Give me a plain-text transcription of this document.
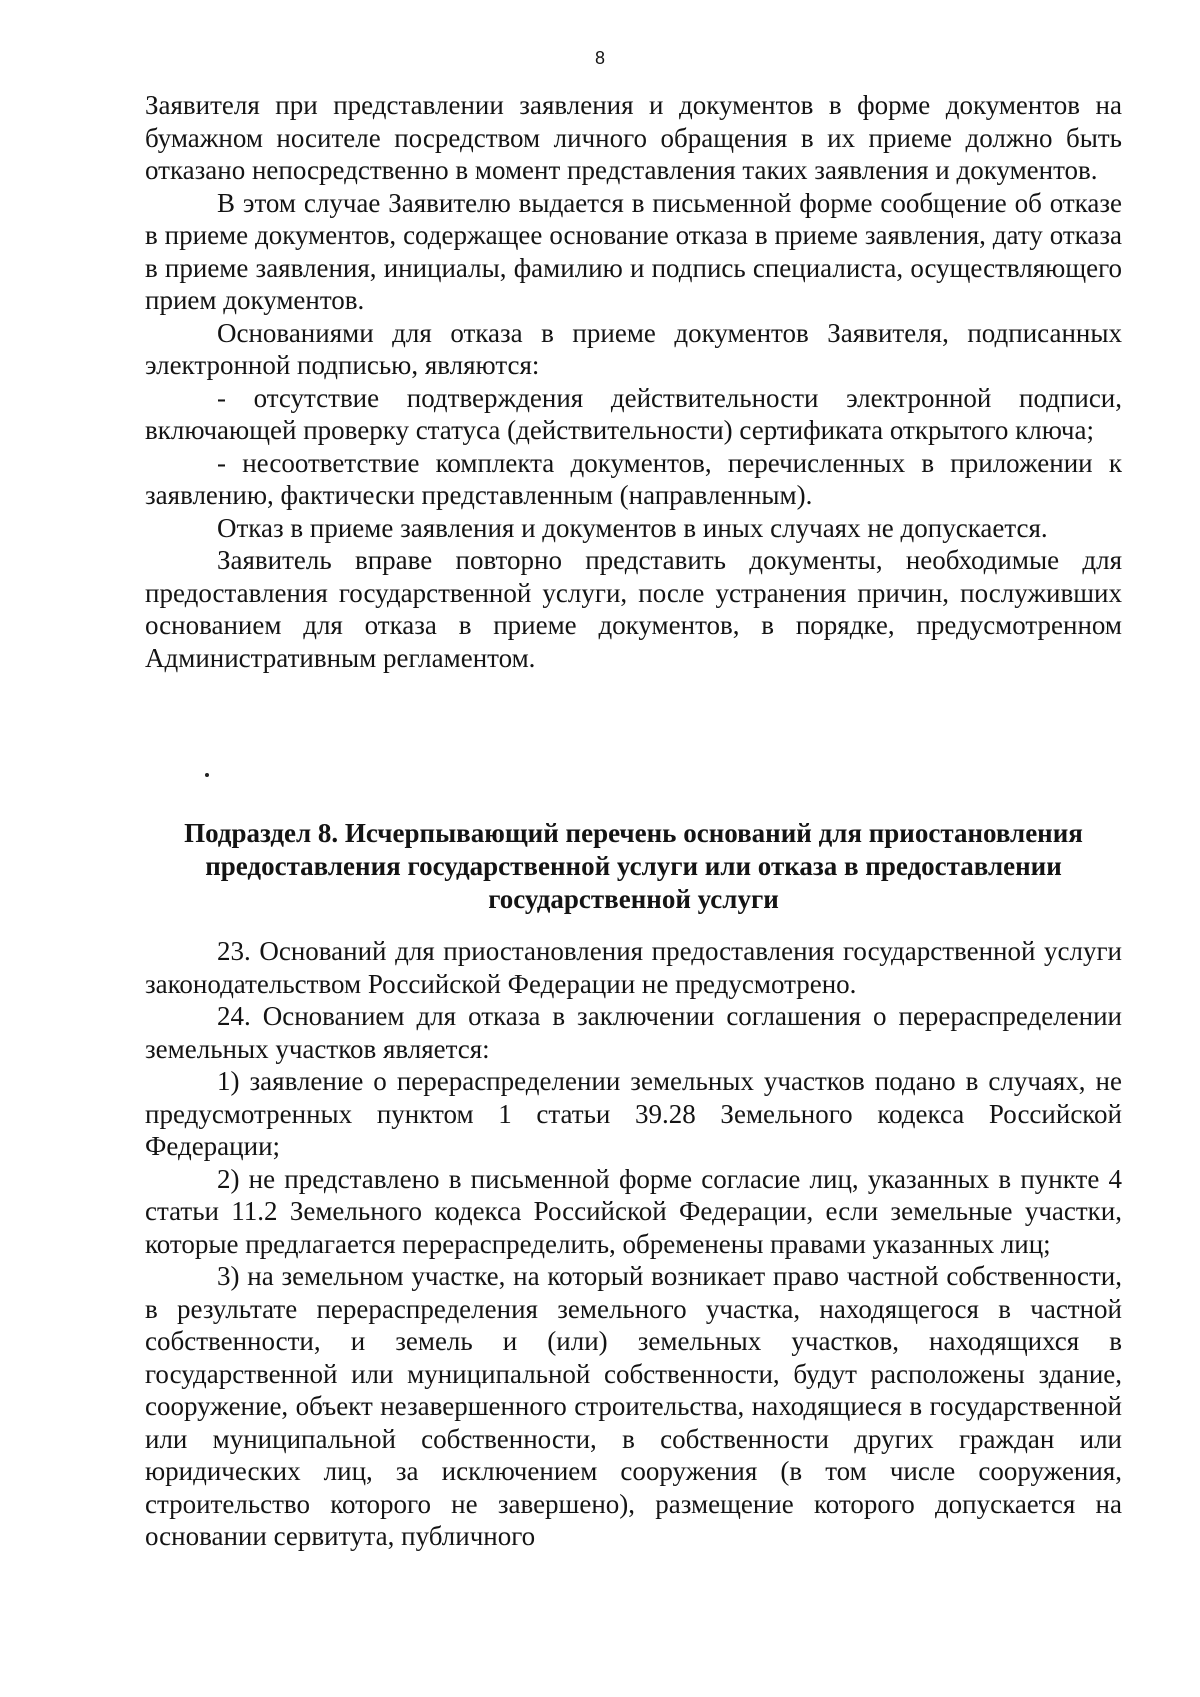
8

Заявителя при представлении заявления и документов в форме документов на бумажном носителе посредством личного обращения в их приеме должно быть отказано непосредственно в момент представления таких заявления и документов.

В этом случае Заявителю выдается в письменной форме сообщение об отказе в приеме документов, содержащее основание отказа в приеме заявления, дату отказа в приеме заявления, инициалы, фамилию и подпись специалиста, осуществляющего прием документов.

Основаниями для отказа в приеме документов Заявителя, подписанных электронной подписью, являются:

- отсутствие подтверждения действительности электронной подписи, включающей проверку статуса (действительности) сертификата открытого ключа;

- несоответствие комплекта документов, перечисленных в приложении к заявлению, фактически представленным (направленным).

Отказ в приеме заявления и документов в иных случаях не допускается.

Заявитель вправе повторно представить документы, необходимые для предоставления государственной услуги, после устранения причин, послуживших основанием для отказа в приеме документов, в порядке, предусмотренном Административным регламентом.

Подраздел 8. Исчерпывающий перечень оснований для приостановления предоставления государственной услуги или отказа в предоставлении государственной услуги

23. Оснований для приостановления предоставления государственной услуги законодательством Российской Федерации не предусмотрено.

24. Основанием для отказа в заключении соглашения о перераспределении земельных участков является:

1) заявление о перераспределении земельных участков подано в случаях, не предусмотренных пунктом 1 статьи 39.28 Земельного кодекса Российской Федерации;

2) не представлено в письменной форме согласие лиц, указанных в пункте 4 статьи 11.2 Земельного кодекса Российской Федерации, если земельные участки, которые предлагается перераспределить, обременены правами указанных лиц;

3) на земельном участке, на который возникает право частной собственности, в результате перераспределения земельного участка, находящегося в частной собственности, и земель и (или) земельных участков, находящихся в государственной или муниципальной собственности, будут расположены здание, сооружение, объект незавершенного строительства, находящиеся в государственной или муниципальной собственности, в собственности других граждан или юридических лиц, за исключением сооружения (в том числе сооружения, строительство которого не завершено), размещение которого допускается на основании сервитута, публичного
